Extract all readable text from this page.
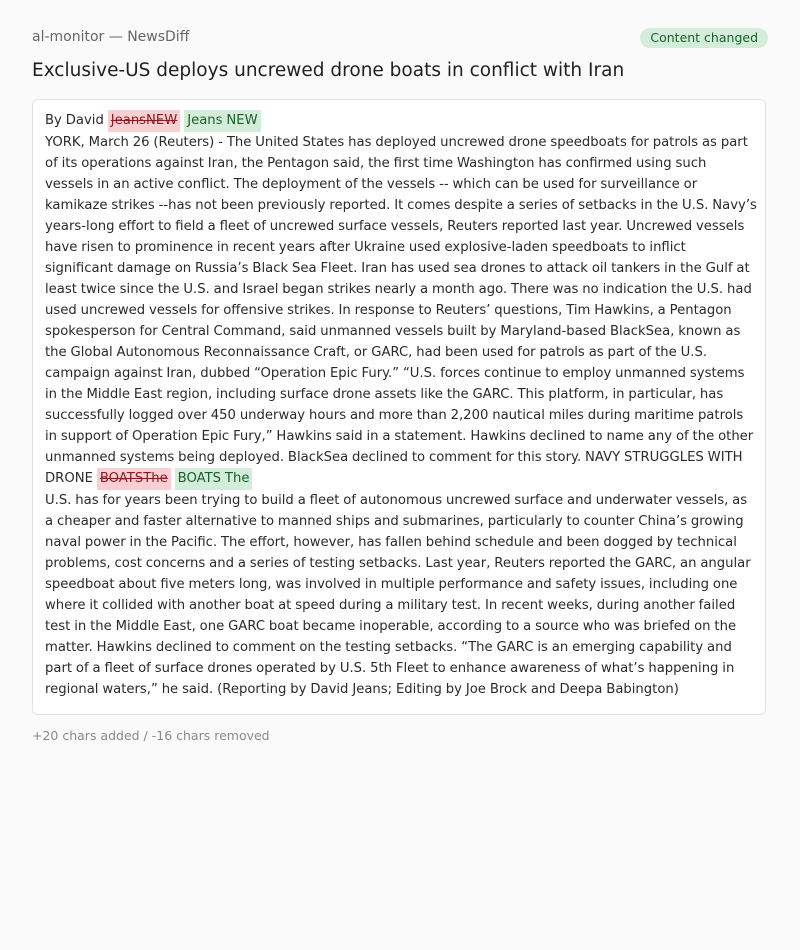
al-monitor — NewsDiff	Content changed
Exclusive-US deploys uncrewed drone boats in conflict with Iran

By David JeansNEW Jeans NEW

YORK, March 26 (Reuters) - The United States has deployed uncrewed drone speedboats for patrols as part of its operations against Iran, the Pentagon said, the first time Washington has confirmed using such vessels in an active conflict. The deployment of the vessels -- which can be used for surveillance or kamikaze strikes --has not been previously reported. It comes despite a series of setbacks in the U.S. Navy’s years-long effort to field a fleet of uncrewed surface vessels, Reuters reported last year. Uncrewed vessels have risen to prominence in recent years after Ukraine used explosive-laden speedboats to inflict significant damage on Russia’s Black Sea Fleet. Iran has used sea drones to attack oil tankers in the Gulf at least twice since the U.S. and Israel began strikes nearly a month ago. There was no indication the U.S. had used uncrewed vessels for offensive strikes. In response to Reuters’ questions, Tim Hawkins, a Pentagon spokesperson for Central Command, said unmanned vessels built by Maryland-based BlackSea, known as the Global Autonomous Reconnaissance Craft, or GARC, had been used for patrols as part of the U.S. campaign against Iran, dubbed “Operation Epic Fury.” “U.S. forces continue to employ unmanned systems in the Middle East region, including surface drone assets like the GARC. This platform, in particular, has successfully logged over 450 underway hours and more than 2,200 nautical miles during maritime patrols in support of Operation Epic Fury,” Hawkins said in a statement. Hawkins declined to name any of the other unmanned systems being deployed. BlackSea declined to comment for this story. NAVY STRUGGLES WITH DRONE BOATSThe BOATS The

U.S. has for years been trying to build a fleet of autonomous uncrewed surface and underwater vessels, as a cheaper and faster alternative to manned ships and submarines, particularly to counter China’s growing naval power in the Pacific. The effort, however, has fallen behind schedule and been dogged by technical problems, cost concerns and a series of testing setbacks. Last year, Reuters reported the GARC, an angular speedboat about five meters long, was involved in multiple performance and safety issues, including one where it collided with another boat at speed during a military test. In recent weeks, during another failed test in the Middle East, one GARC boat became inoperable, according to a source who was briefed on the matter. Hawkins declined to comment on the testing setbacks. “The GARC is an emerging capability and part of a fleet of surface drones operated by U.S. 5th Fleet to enhance awareness of what’s happening in regional waters,” he said. (Reporting by David Jeans; Editing by Joe Brock and Deepa Babington)

+20 chars added / -16 chars removed
